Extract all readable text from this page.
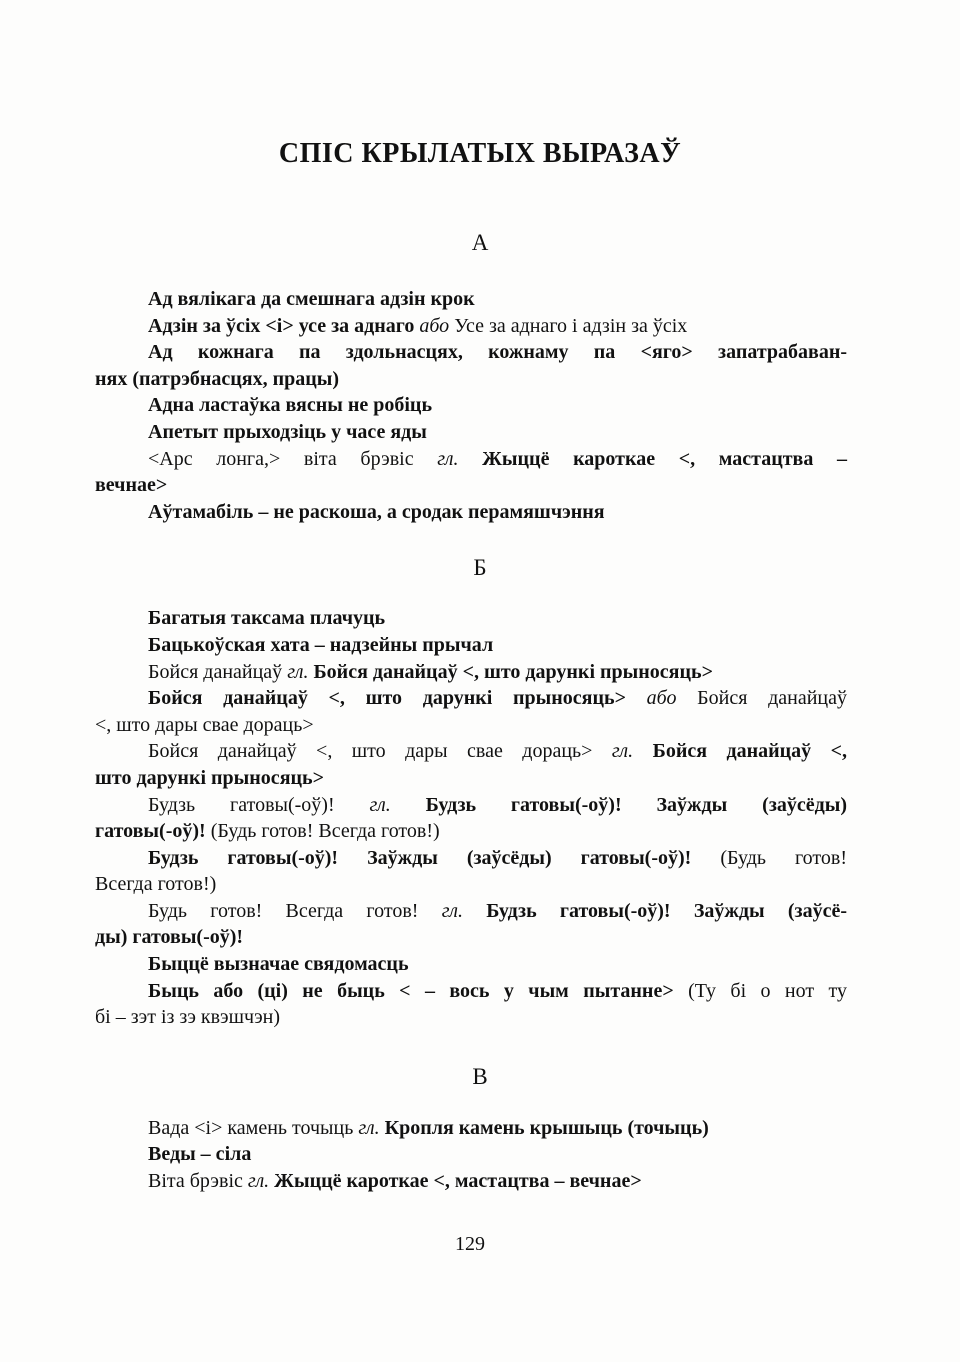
СПІС КРЫЛАТЫХ ВЫРАЗАЎ
А
Ад вялікага да смешнага адзін крок
Адзін за ўсіх <і> усе за аднаго або Усе за аднаго і адзін за ўсіх
Ад кожнага па здольнасцях, кожнаму па <яго> запатрабаван-
нях (патрэбнасцях, працы)
Адна ластаўка вясны не робіць
Апетыт прыходзіць у часе яды
<Арс лонга,> віта брэвіс гл. Жыццё кароткае <, мастацтва –
вечнае>
Аўтамабіль – не раскоша, а сродак перамяшчэння
Б
Багатыя таксама плачуць
Бацькоўская хата – надзейны прычал
Бойся данайцаў гл. Бойся данайцаў <, што дарункі прыносяць>
Бойся данайцаў <, што дарункі прыносяць> або Бойся данайцаў
<, што дары свае дораць>
Бойся данайцаў <, што дары свае дораць> гл. Бойся данайцаў <,
што дарункі прыносяць>
Будзь гатовы(-оў)! гл. Будзь гатовы(-оў)! Заўжды (заўсёды)
гатовы(-оў)! (Будь готов! Всегда готов!)
Будзь гатовы(-оў)! Заўжды (заўсёды) гатовы(-оў)! (Будь готов!
Всегда готов!)
Будь готов! Всегда готов! гл. Будзь гатовы(-оў)! Заўжды (заўсё-
ды) гатовы(-оў)!
Быццё вызначае свядомасць
Быць або (ці) не быць < – вось у чым пытанне> (Ту бі о нот ту
бі – зэт із зэ квэшчэн)
В
Вада <і> камень точыць гл. Кропля камень крышыць (точыць)
Веды – сіла
Віта брэвіс гл. Жыццё кароткае <, мастацтва – вечнае>
129
